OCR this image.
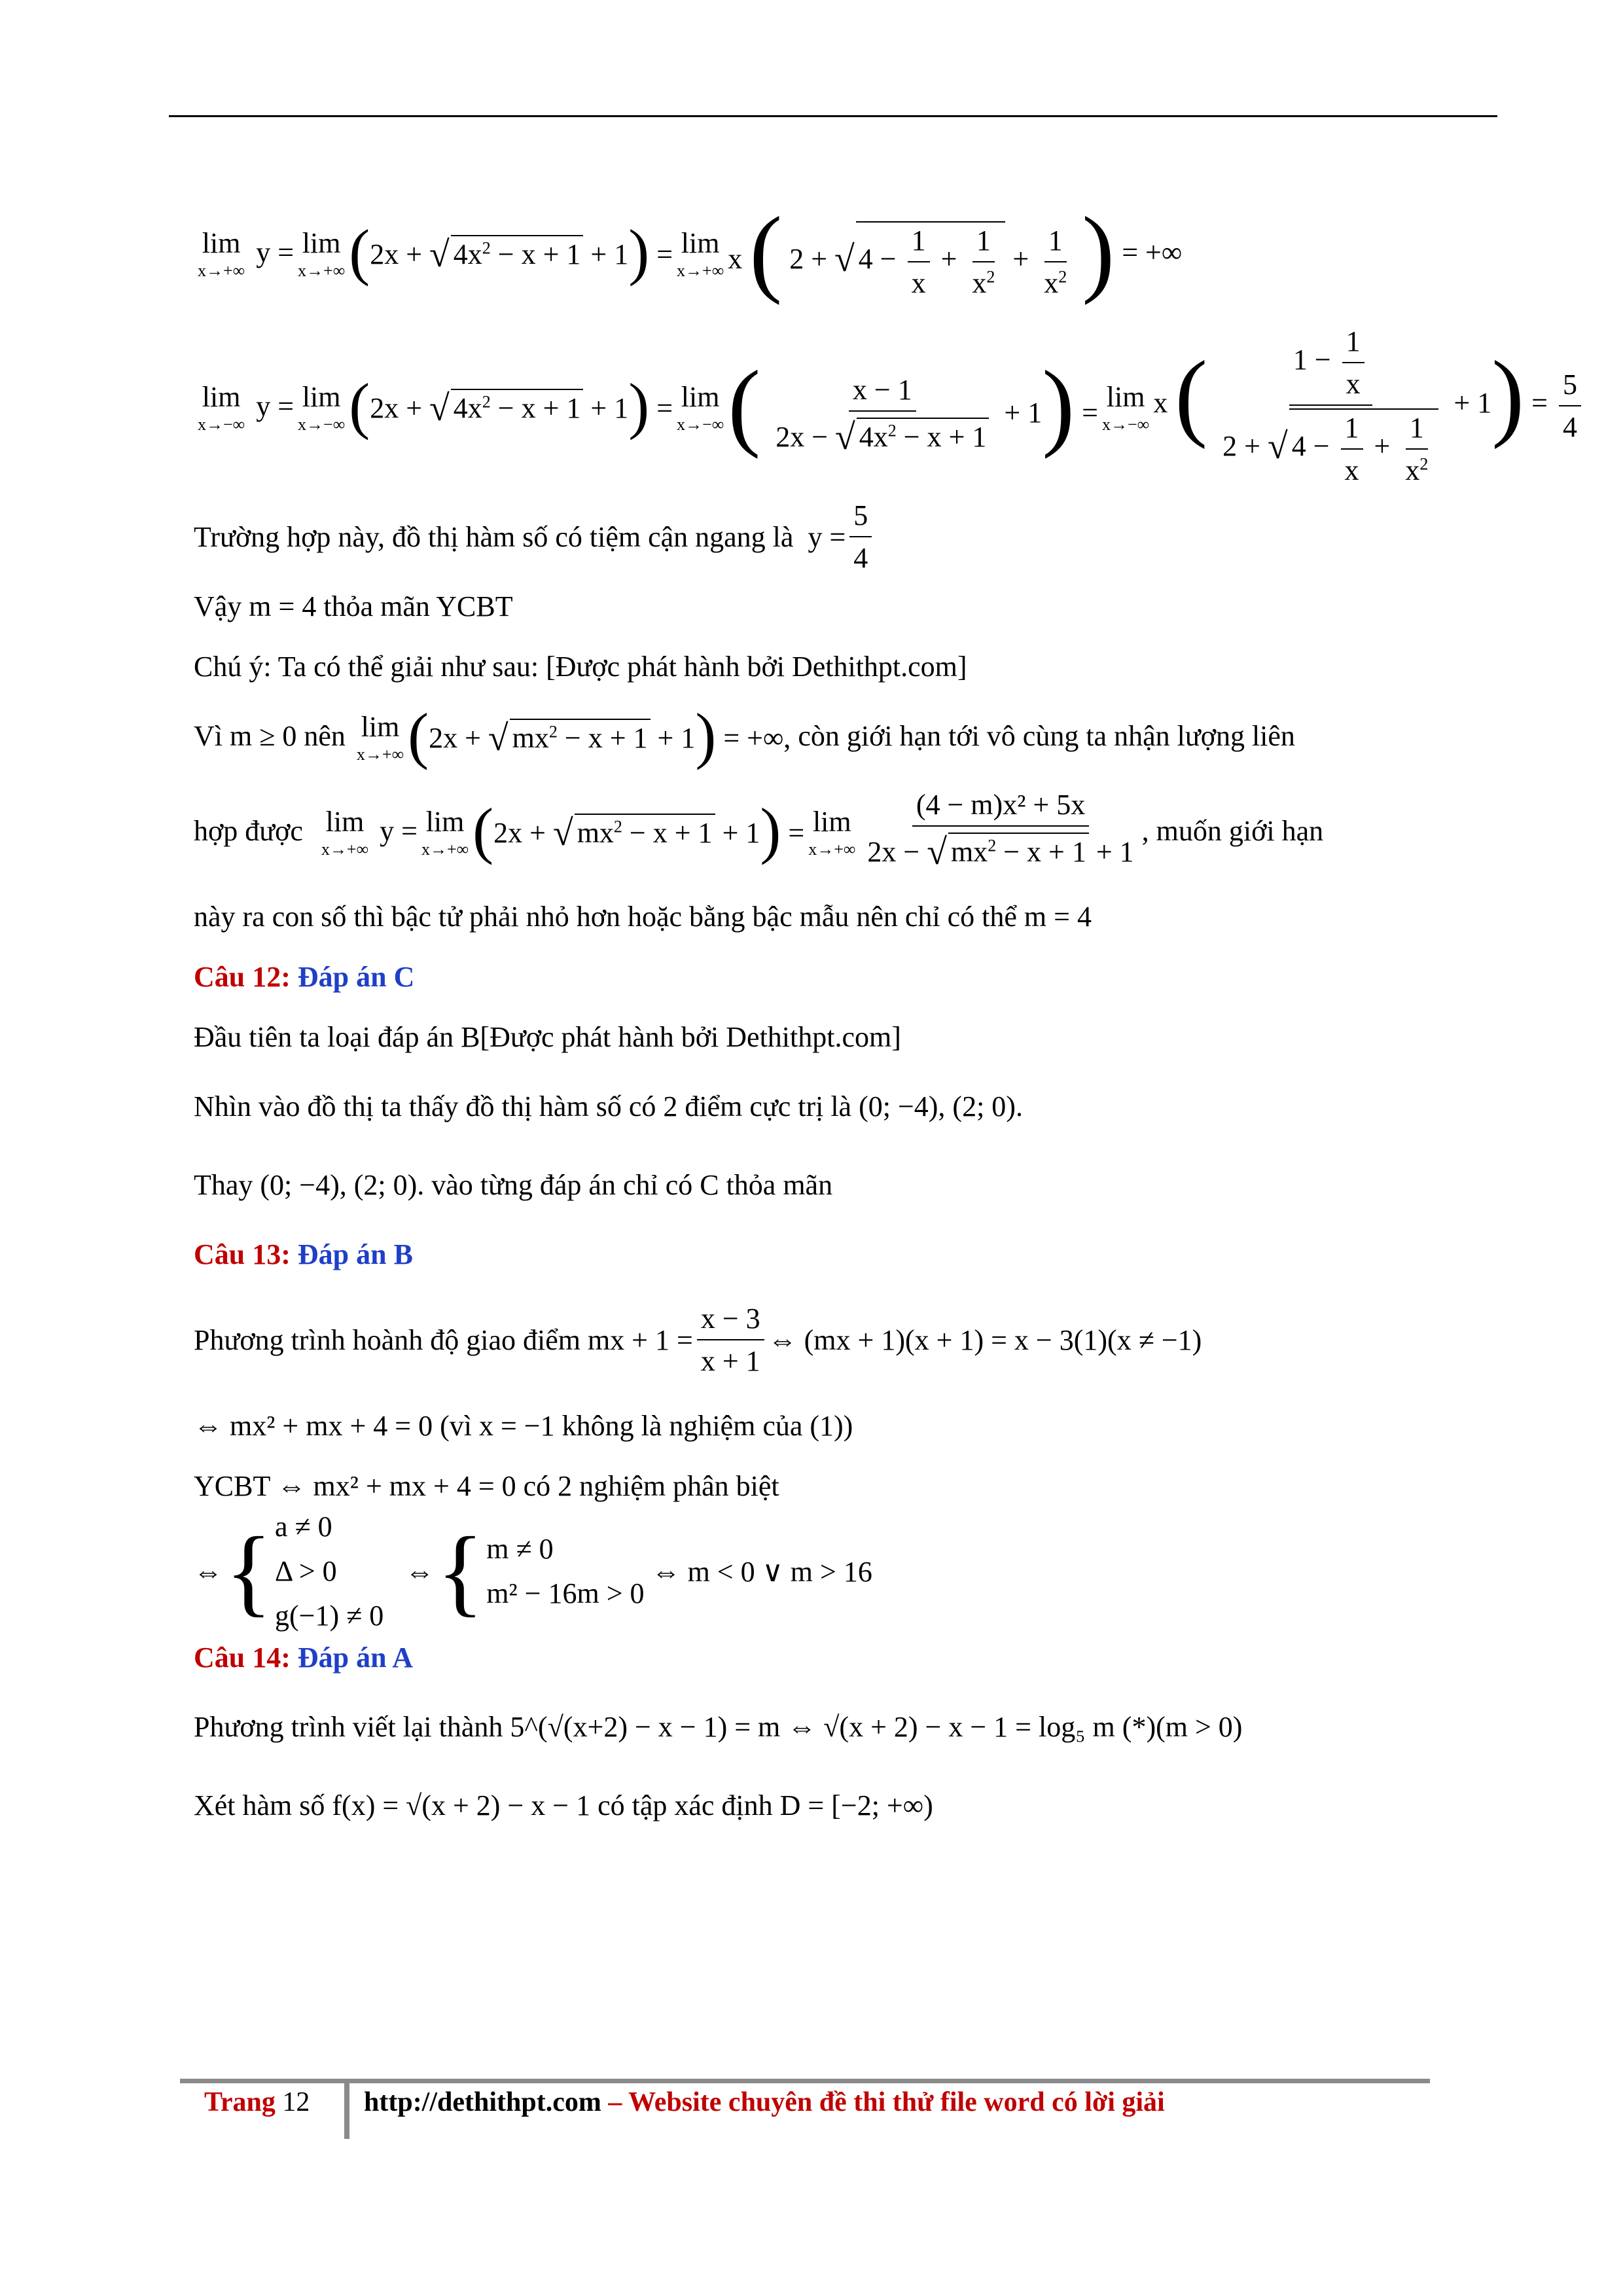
lim
x→+∞
y = lim
x→+∞ (2x + √ $4x^2 - x + 1 + 1) = \lim$
x→+∞ x ( 2 + √ $4 - \frac{1}{x} + \frac{1}{x^2} + \frac{1}{x^2}$ ) = +∞
lim
x→−∞
y = lim
x→−∞ (2x + √ $4x^2 - x + 1 + 1) = \lim$
x→−∞ ( $\frac{x - 1}{2x - √ 4x^2 - x + 1} + 1$) =
lim
x→−∞
x ( $\frac{1 - \frac{1}{x}}{2 + √ 4 - \frac{1}{x} + \frac{1}{x^2}} + 1) = \frac{5}{4}$
Trường hợp này, đồ thị hàm số có tiệm cận ngang là
$y = \frac{5}{4}$
Vậy m = 4 thỏa mãn YCBT
Chú ý: Ta có thể giải như sau: [Được phát hành bởi Dethithpt.com]
Vì m ≥ 0 nên
lim
x→+∞ (2x + √ $mx^2 - x + 1 + 1$) = +∞,
còn giới hạn tới vô cùng ta nhận lượng liên
hợp được
lim
x→+∞
y = lim
x→+∞ (2x + √ $mx^2 - x + 1 + 1) = \lim$
$x\to+\infty \frac{\text{(4 − m)x² + 5x}}{2x - √ mx^2 - x + 1 + 1}$ , muốn giới hạn
này ra con số thì bậc tử phải nhỏ hơn hoặc bằng bậc mẫu nên chỉ có thể m = 4
Câu 12:
Đáp án C
Đầu tiên ta loại đáp án B[Được phát hành bởi Dethithpt.com]
Nhìn vào đồ thị ta thấy đồ thị hàm số có 2 điểm cực trị là (0; −4), (2; 0).
Thay (0; −4), (2; 0). vào từng đáp án chỉ có C thỏa mãn
Câu 13:
Đáp án B
Phương trình hoành độ giao điểm mx + $1 = \frac{x - 3}{x + 1}$ ⇔ (mx + 1)(x + 1) = x − 3(1)(x ≠ −1)
⇔ mx² + mx + 4 = 0 (vì x = −1 không là nghiệm của (1))
YCBT ⇔ mx² + mx + 4 = 0 có 2 nghiệm phân biệt
⇔ { a ≠ 0
Δ > 0
g(−1) ≠ 0

⇔ { m ≠ 0
m² − 16m > 0

⇔ m < 0 ∨ m > 16
Câu 14:
Đáp án A
Phương trình viết lại thành 5^(√(x+2) − x − 1) = m ⇔ √(x + 2) − x − 1 = log₅ m (*)(m > 0)
Xét hàm số f(x) = √(x + 2) − x − 1 có tập xác định D = [−2; +∞)
Trang 12 http://dethithpt.com – Website chuyên đề thi thử file word có lời giải
